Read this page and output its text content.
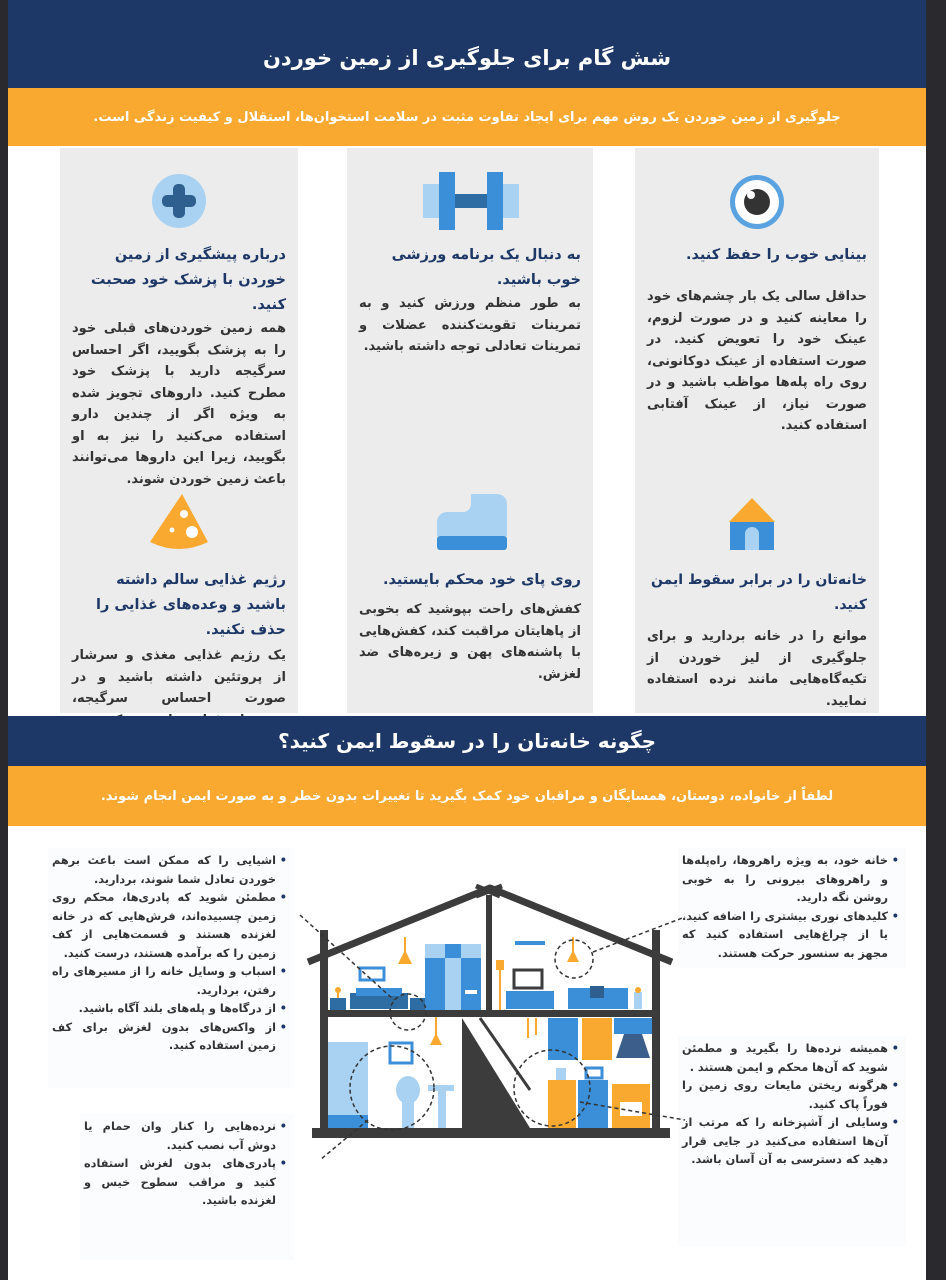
شش گام برای جلوگیری از زمین خوردن
جلوگیری از زمین خوردن یک روش مهم برای ایجاد تفاوت مثبت در سلامت استخوان‌ها، استقلال و کیفیت زندگی است.
بینایی خوب را حفظ کنید.

حداقل سالی یک بار چشم‌های خود را معاینه کنید و در صورت لزوم، عینک خود را تعویض کنید. در صورت استفاده از عینک دوکانونی، روی راه پله‌ها مواظب باشید و در صورت نیاز، از عینک آفتابی استفاده کنید.

به دنبال یک برنامه ورزشی خوب باشید.

به طور منظم ورزش کنید و به تمرینات تقویت‌کننده عضلات و تمرینات تعادلی توجه داشته باشید.

درباره پیشگیری از زمین خوردن با پزشک خود صحبت کنید.

همه زمین خوردن‌های قبلی خود را به پزشک بگویید، اگر احساس سرگیجه دارید با پزشک خود مطرح کنید. داروهای تجویز شده به ویژه اگر از چندین دارو استفاده می‌کنید را نیز به او بگویید، زیرا این داروها می‌توانند باعث زمین خوردن شوند.

خانه‌تان را در برابر سقوط ایمن کنید.

موانع را در خانه بردارید و برای جلوگیری از لیز خوردن از تکیه‌گاه‌هایی مانند نرده استفاده نمایید.

روی پای خود محکم بایستید.

کفش‌های راحت بپوشید که بخوبی از پاهایتان مراقبت کند، کفش‌هایی با پاشنه‌های پهن و زیره‌های ضد لغزش.

رژیم غذایی سالم داشته باشید و وعده‌های غذایی را حذف نکنید.

یک رژیم غذایی مغذی و سرشار از پروتئین داشته باشید و در صورت احساس سرگیجه،

چگونه خانه‌تان را در سقوط ایمن کنید؟
لطفاً از خانواده، دوستان، همسایگان و مراقبان خود کمک بگیرید تا تغییرات بدون خطر و به صورت ایمن انجام شوند.
• خانه خود، به ویژه راهروها، راه‌پله‌ها و راهروهای بیرونی را به خوبی روشن نگه دارید.
• کلیدهای نوری بیشتری را اضافه کنید. یا از چراغ‌هایی استفاده کنید که مجهز به سنسور حرکت هستند.
• همیشه نرده‌ها را بگیرید و مطمئن شوید که آن‌ها محکم و ایمن هستند .
• هرگونه ریختن مایعات روی زمین را فوراً پاک کنید.
• وسایلی از آشپزخانه را که مرتب از آن‌ها استفاده می‌کنید در جایی قرار دهید که دسترسی به آن آسان باشد.
• اشیایی را که ممکن است باعث برهم خوردن تعادل شما شوند، بردارید.
• مطمئن شوید که پادری‌ها، محکم روی زمین چسبیده‌اند، فرش‌هایی که در خانه لغزنده هستند و قسمت‌هایی از کف زمین را که برآمده هستند، درست کنید.
• اسباب و وسایل خانه را از مسیرهای راه رفتن، بردارید.
• از درگاه‌ها و پله‌های بلند آگاه باشید.
• از واکس‌های بدون لغزش برای کف زمین استفاده کنید.
• نرده‌هایی را کنار وان حمام یا دوش آب نصب کنید.
• پادری‌های بدون لغزش استفاده کنید و مراقب سطوح خیس و لغزنده باشید.
